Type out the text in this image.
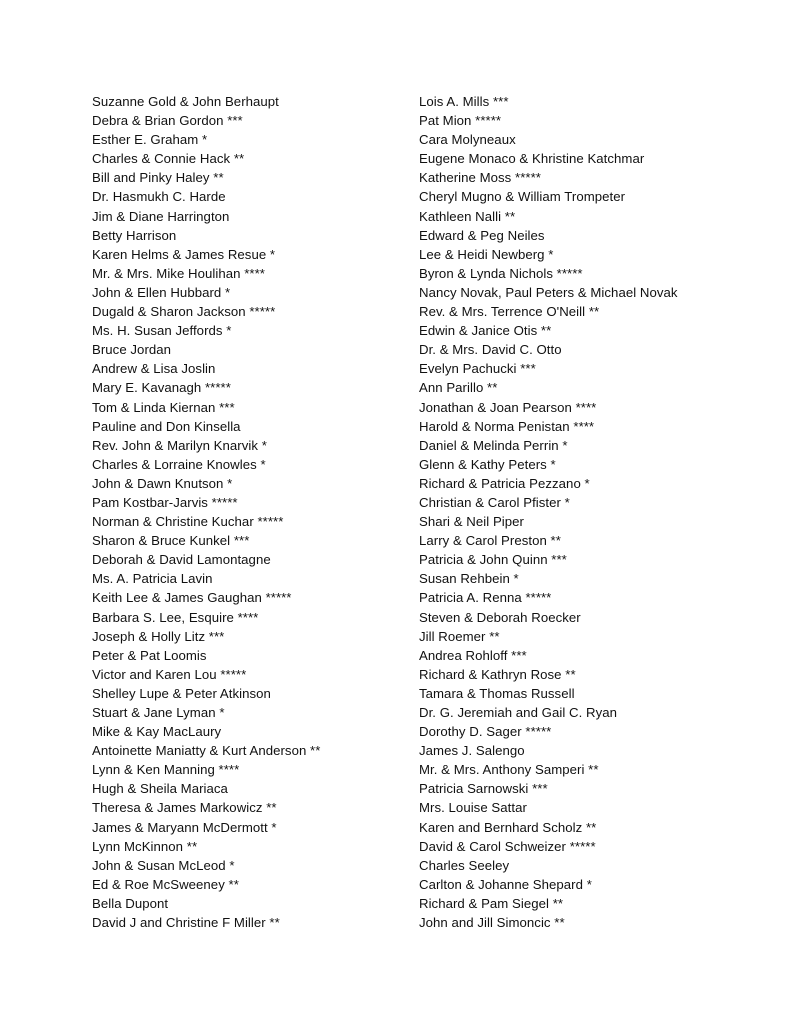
Suzanne Gold & John Berhaupt
Debra & Brian Gordon ***
Esther E. Graham *
Charles & Connie Hack **
Bill and Pinky Haley **
Dr. Hasmukh C. Harde
Jim & Diane Harrington
Betty Harrison
Karen Helms & James Resue *
Mr. & Mrs. Mike Houlihan ****
John & Ellen Hubbard *
Dugald & Sharon Jackson *****
Ms. H. Susan Jeffords *
Bruce Jordan
Andrew & Lisa Joslin
Mary E. Kavanagh *****
Tom & Linda Kiernan ***
Pauline and Don Kinsella
Rev. John & Marilyn Knarvik *
Charles & Lorraine Knowles *
John & Dawn Knutson *
Pam Kostbar-Jarvis *****
Norman & Christine Kuchar *****
Sharon & Bruce Kunkel ***
Deborah & David Lamontagne
Ms. A. Patricia Lavin
Keith Lee & James Gaughan *****
Barbara S. Lee, Esquire ****
Joseph & Holly Litz ***
Peter & Pat Loomis
Victor and Karen Lou *****
Shelley Lupe & Peter Atkinson
Stuart & Jane Lyman *
Mike & Kay MacLaury
Antoinette Maniatty & Kurt Anderson **
Lynn & Ken Manning ****
Hugh & Sheila Mariaca
Theresa & James Markowicz **
James & Maryann McDermott *
Lynn McKinnon **
John & Susan McLeod *
Ed & Roe McSweeney **
Bella Dupont
David J and Christine F Miller **
Lois A. Mills ***
Pat Mion *****
Cara Molyneaux
Eugene Monaco & Khristine Katchmar
Katherine Moss *****
Cheryl Mugno & William Trompeter
Kathleen Nalli **
Edward & Peg Neiles
Lee & Heidi Newberg *
Byron & Lynda Nichols *****
Nancy Novak, Paul Peters & Michael Novak
Rev. & Mrs. Terrence O'Neill **
Edwin & Janice Otis **
Dr. & Mrs. David C. Otto
Evelyn Pachucki ***
Ann Parillo **
Jonathan & Joan Pearson ****
Harold & Norma Penistan ****
Daniel & Melinda Perrin *
Glenn & Kathy Peters *
Richard & Patricia Pezzano *
Christian & Carol Pfister *
Shari & Neil Piper
Larry & Carol Preston **
Patricia & John Quinn ***
Susan Rehbein *
Patricia A. Renna *****
Steven & Deborah Roecker
Jill Roemer **
Andrea Rohloff ***
Richard & Kathryn Rose **
Tamara & Thomas Russell
Dr. G. Jeremiah and Gail C. Ryan
Dorothy D. Sager *****
James J. Salengo
Mr. & Mrs. Anthony Samperi **
Patricia Sarnowski ***
Mrs. Louise Sattar
Karen and Bernhard Scholz **
David & Carol Schweizer *****
Charles Seeley
Carlton & Johanne Shepard *
Richard & Pam Siegel **
John and Jill Simoncic **
